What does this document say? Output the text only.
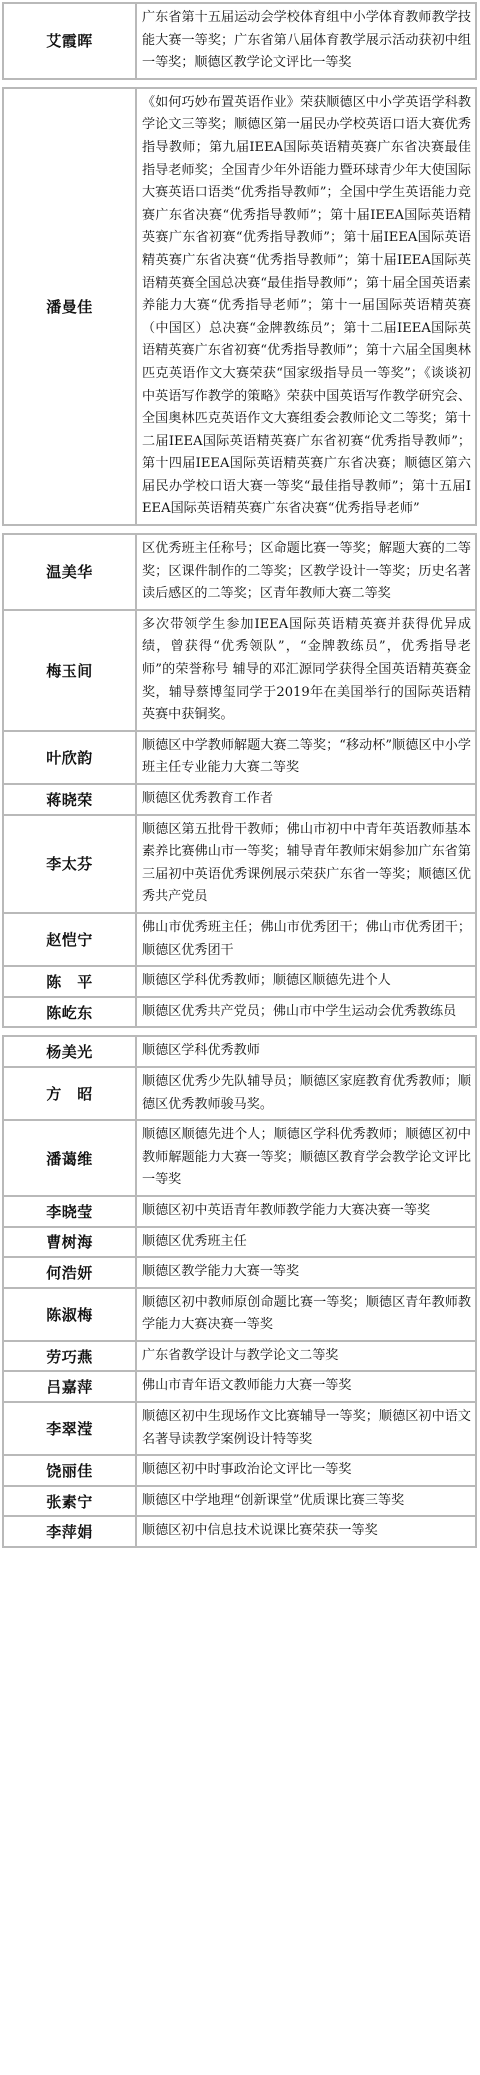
艾霞晖
广东省第十五届运动会学校体育组中小学体育教师教学技能大赛一等奖；广东省第八届体育教学展示活动获初中组一等奖；顺德区教学论文评比一等奖
潘曼佳
《如何巧妙布置英语作业》荣获顺德区中小学英语学科教学论文三等奖；顺德区第一届民办学校英语口语大赛优秀指导教师；第九届IEEA国际英语精英赛广东省决赛最佳指导老师奖；全国青少年外语能力暨环球青少年大使国际大赛英语口语类“优秀指导教师”；全国中学生英语能力竞赛广东省决赛“优秀指导教师”；第十届IEEA国际英语精英赛广东省初赛“优秀指导教师”；第十届IEEA国际英语精英赛广东省决赛“优秀指导教师”；第十届IEEA国际英语精英赛全国总决赛“最佳指导教师”；第十届全国英语素养能力大赛“优秀指导老师”；第十一届国际英语精英赛（中国区）总决赛“金牌教练员”；第十二届IEEA国际英语精英赛广东省初赛“优秀指导教师”；第十六届全国奥林匹克英语作文大赛荣获“国家级指导员一等奖”；《谈谈初中英语写作教学的策略》荣获中国英语写作教学研究会、全国奥林匹克英语作文大赛组委会教师论文二等奖；第十二届IEEA国际英语精英赛广东省初赛“优秀指导教师”；第十四届IEEA国际英语精英赛广东省决赛；顺德区第六届民办学校口语大赛一等奖“最佳指导教师”；第十五届IEEA国际英语精英赛广东省决赛“优秀指导老师”
温美华
区优秀班主任称号；区命题比赛一等奖；解题大赛的二等奖；区课件制作的二等奖；区教学设计一等奖；历史名著读后感区的二等奖；区青年教师大赛二等奖
梅玉间
多次带领学生参加IEEA国际英语精英赛并获得优异成绩，曾获得“优秀领队”，“金牌教练员”，优秀指导老师”的荣誉称号 辅导的邓汇源同学获得全国英语精英赛金奖，辅导蔡博玺同学于2019年在美国举行的国际英语精英赛中获铜奖。
叶欣韵
顺德区中学教师解题大赛二等奖；“移动杯”顺德区中小学班主任专业能力大赛二等奖
蒋晓荣	顺德区优秀教育工作者
李太芬
顺德区第五批骨干教师；佛山市初中中青年英语教师基本素养比赛佛山市一等奖；辅导青年教师宋娟参加广东省第三届初中英语优秀课例展示荣获广东省一等奖；顺德区优秀共产党员
赵恺宁
佛山市优秀班主任；佛山市优秀团干；佛山市优秀团干；顺德区优秀团干
陈　平	顺德区学科优秀教师；顺德区顺德先进个人
陈屹东	顺德区优秀共产党员；佛山市中学生运动会优秀教练员
杨美光	顺德区学科优秀教师
方　昭
顺德区优秀少先队辅导员；顺德区家庭教育优秀教师；顺德区优秀教师骏马奖。
潘蔼维
顺德区顺德先进个人；顺德区学科优秀教师；顺德区初中教师解题能力大赛一等奖；顺德区教育学会教学论文评比一等奖
李晓莹	顺德区初中英语青年教师教学能力大赛决赛一等奖
曹树海	顺德区优秀班主任
何浩妍	顺德区教学能力大赛一等奖
陈淑梅
顺德区初中教师原创命题比赛一等奖；顺德区青年教师教学能力大赛决赛一等奖
劳巧燕	广东省教学设计与教学论文二等奖
吕嘉萍	佛山市青年语文教师能力大赛一等奖
李翠滢
顺德区初中生现场作文比赛辅导一等奖；顺德区初中语文名著导读教学案例设计特等奖
饶丽佳	顺德区初中时事政治论文评比一等奖
张素宁	顺德区中学地理“创新课堂”优质课比赛三等奖
李萍娟	顺德区初中信息技术说课比赛荣获一等奖
